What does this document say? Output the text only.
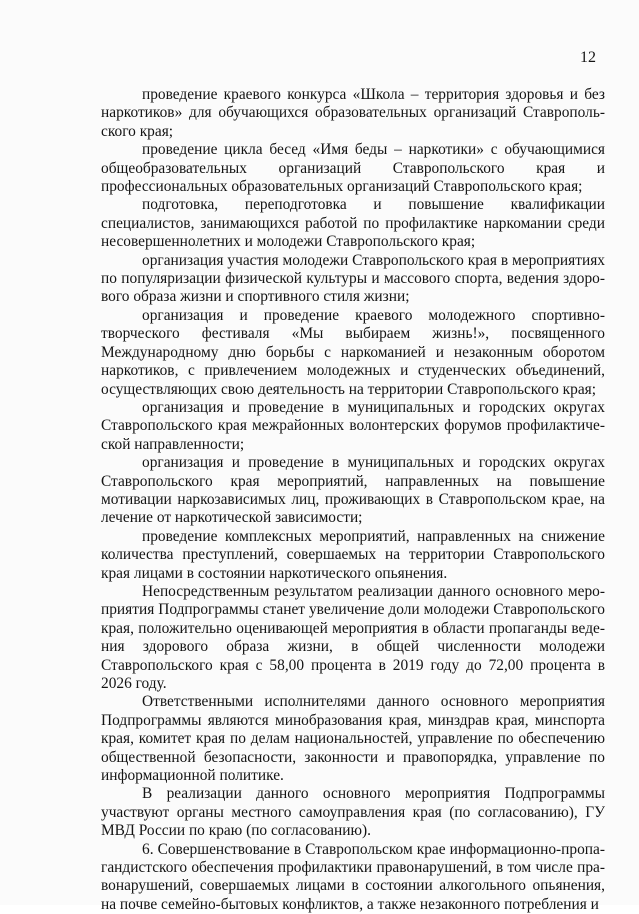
12

проведение краевого конкурса «Школа – территория здоровья и без наркотиков» для обучающихся образовательных организаций Ставропольского края;

проведение цикла бесед «Имя беды – наркотики» с обучающимися общеобразовательных организаций Ставропольского края и профессиональных образовательных организаций Ставропольского края;

подготовка, переподготовка и повышение квалификации специалистов, занимающихся работой по профилактике наркомании среди несовершеннолетних и молодежи Ставропольского края;

организация участия молодежи Ставропольского края в мероприятиях по популяризации физической культуры и массового спорта, ведения здорового образа жизни и спортивного стиля жизни;

организация и проведение краевого молодежного спортивно-творческого фестиваля «Мы выбираем жизнь!», посвященного Международному дню борьбы с наркоманией и незаконным оборотом наркотиков, с привлечением молодежных и студенческих объединений, осуществляющих свою деятельность на территории Ставропольского края;

организация и проведение в муниципальных и городских округах Ставропольского края межрайонных волонтерских форумов профилактической направленности;

организация и проведение в муниципальных и городских округах Ставропольского края мероприятий, направленных на повышение мотивации наркозависимых лиц, проживающих в Ставропольском крае, на лечение от наркотической зависимости;

проведение комплексных мероприятий, направленных на снижение количества преступлений, совершаемых на территории Ставропольского края лицами в состоянии наркотического опьянения.

Непосредственным результатом реализации данного основного мероприятия Подпрограммы станет увеличение доли молодежи Ставропольского края, положительно оценивающей мероприятия в области пропаганды ведения здорового образа жизни, в общей численности молодежи Ставропольского края с 58,00 процента в 2019 году до 72,00 процента в 2026 году.

Ответственными исполнителями данного основного мероприятия Подпрограммы являются минобразования края, минздрав края, минспорта края, комитет края по делам национальностей, управление по обеспечению общественной безопасности, законности и правопорядка, управление по информационной политике.

В реализации данного основного мероприятия Подпрограммы участвуют органы местного самоуправления края (по согласованию), ГУ МВД России по краю (по согласованию).

6. Совершенствование в Ставропольском крае информационно-пропагандистского обеспечения профилактики правонарушений, в том числе правонарушений, совершаемых лицами в состоянии алкогольного опьянения, на почве семейно-бытовых конфликтов, а также незаконного потребления и
